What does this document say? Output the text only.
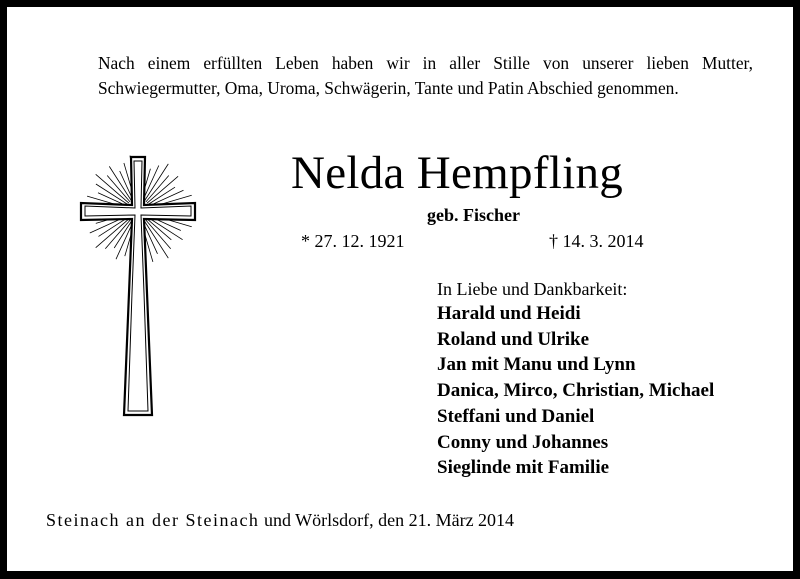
Nach einem erfüllten Leben haben wir in aller Stille von unserer lieben Mutter,
Schwiegermutter, Oma, Uroma, Schwägerin, Tante und Patin Abschied genommen.
Nelda Hempfling
geb. Fischer
* 27. 12. 1921	† 14. 3. 2014
In Liebe und Dankbarkeit:
Harald und Heidi
Roland und Ulrike
Jan mit Manu und Lynn
Danica, Mirco, Christian, Michael
Steffani und Daniel
Conny und Johannes
Sieglinde mit Familie
Steinach an der Steinach und Wörlsdorf, den 21. März 2014
